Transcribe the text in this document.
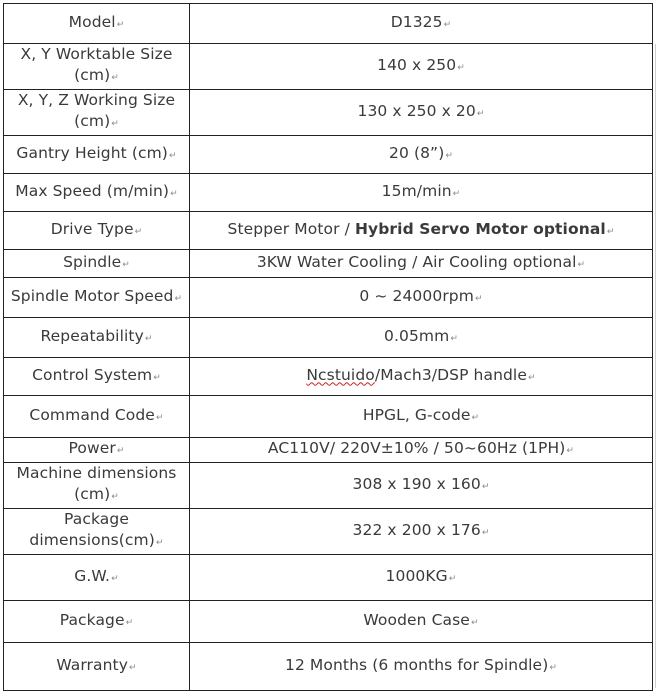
Model↵	D1325↵
X, Y Worktable Size
(cm)↵	140 x 250↵
X, Y, Z Working Size
(cm)↵	130 x 250 x 20↵
Gantry Height (cm)↵	20 (8”)↵
Max Speed (m/min)↵	15m/min↵
Drive Type↵	Stepper Motor / Hybrid Servo Motor optional↵
Spindle↵	3KW Water Cooling / Air Cooling optional↵
Spindle Motor Speed↵	0 ~ 24000rpm↵
Repeatability↵	0.05mm↵
Control System↵	Ncstuido/Mach3/DSP handle↵
Command Code↵	HPGL, G-code↵
Power↵	AC110V/ 220V±10% / 50~60Hz (1PH)↵
Machine dimensions
(cm)↵	308 x 190 x 160↵
Package
dimensions(cm)↵	322 x 200 x 176↵
G.W.↵	1000KG↵
Package↵	Wooden Case↵
Warranty↵	12 Months (6 months for Spindle)↵
